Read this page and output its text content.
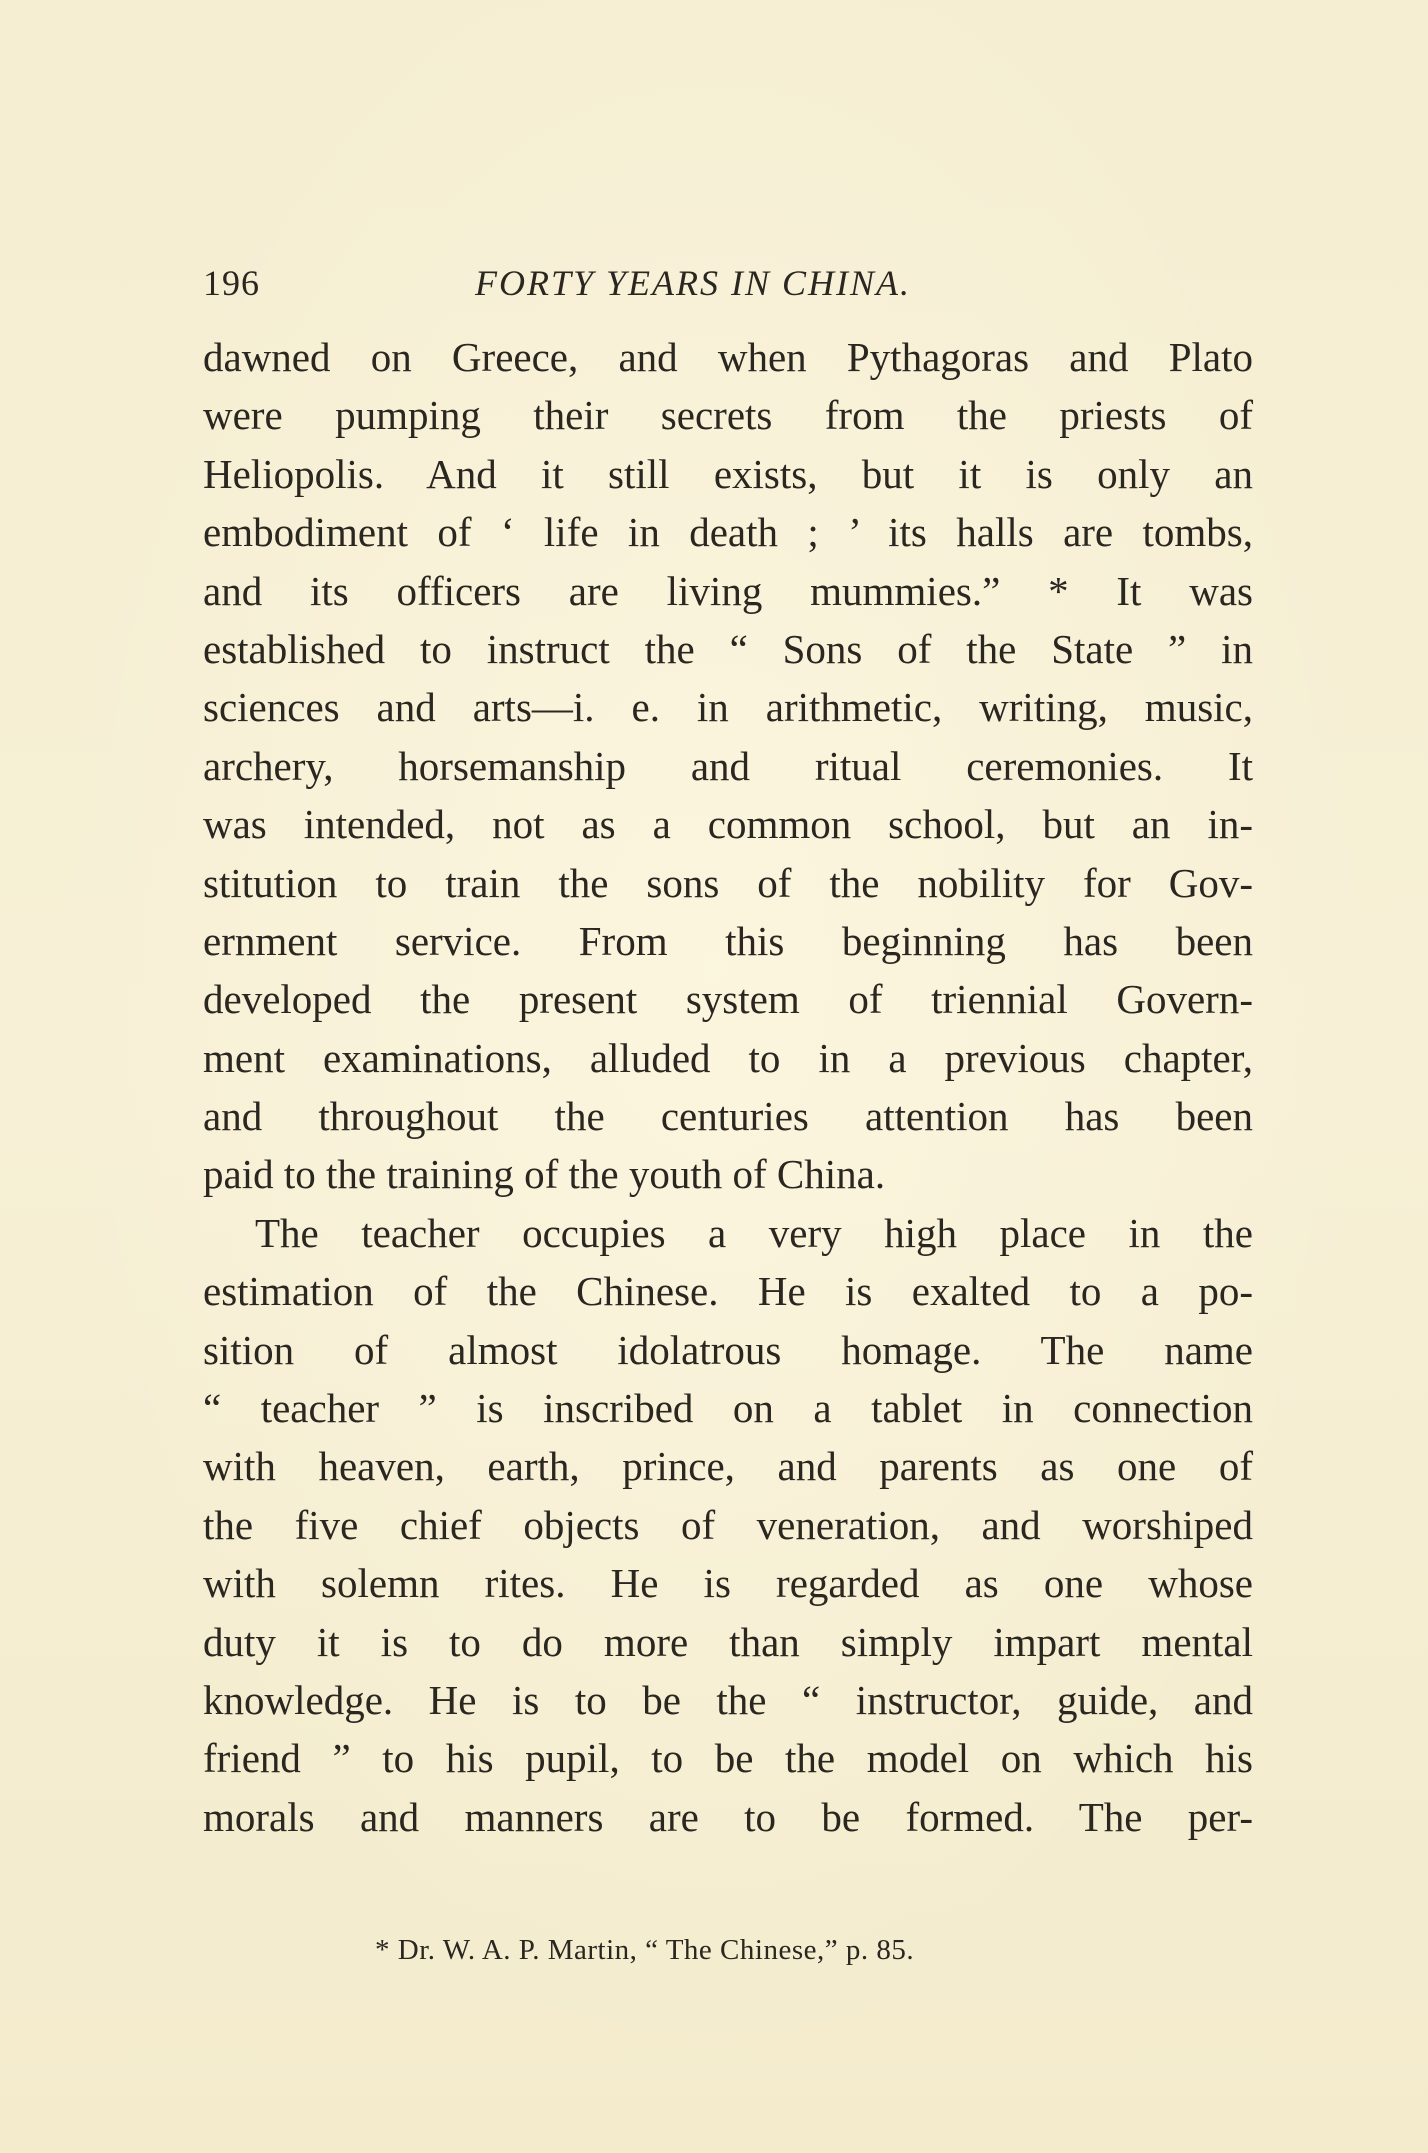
196	FORTY YEARS IN CHINA.
dawned on Greece, and when Pythagoras and Plato
were pumping their secrets from the priests of
Heliopolis. And it still exists, but it is only an
embodiment of ‘ life in death ; ’ its halls are tombs,
and its officers are living mummies.” * It was
established to instruct the “ Sons of the State ” in
sciences and arts—i. e. in arithmetic, writing, music,
archery, horsemanship and ritual ceremonies. It
was intended, not as a common school, but an in-
stitution to train the sons of the nobility for Gov-
ernment service. From this beginning has been
developed the present system of triennial Govern-
ment examinations, alluded to in a previous chapter,
and throughout the centuries attention has been
paid to the training of the youth of China.
The teacher occupies a very high place in the
estimation of the Chinese. He is exalted to a po-
sition of almost idolatrous homage. The name
“ teacher ” is inscribed on a tablet in connection
with heaven, earth, prince, and parents as one of
the five chief objects of veneration, and worshiped
with solemn rites. He is regarded as one whose
duty it is to do more than simply impart mental
knowledge. He is to be the “ instructor, guide, and
friend ” to his pupil, to be the model on which his
morals and manners are to be formed. The per-
* Dr. W. A. P. Martin, “ The Chinese,” p. 85.
